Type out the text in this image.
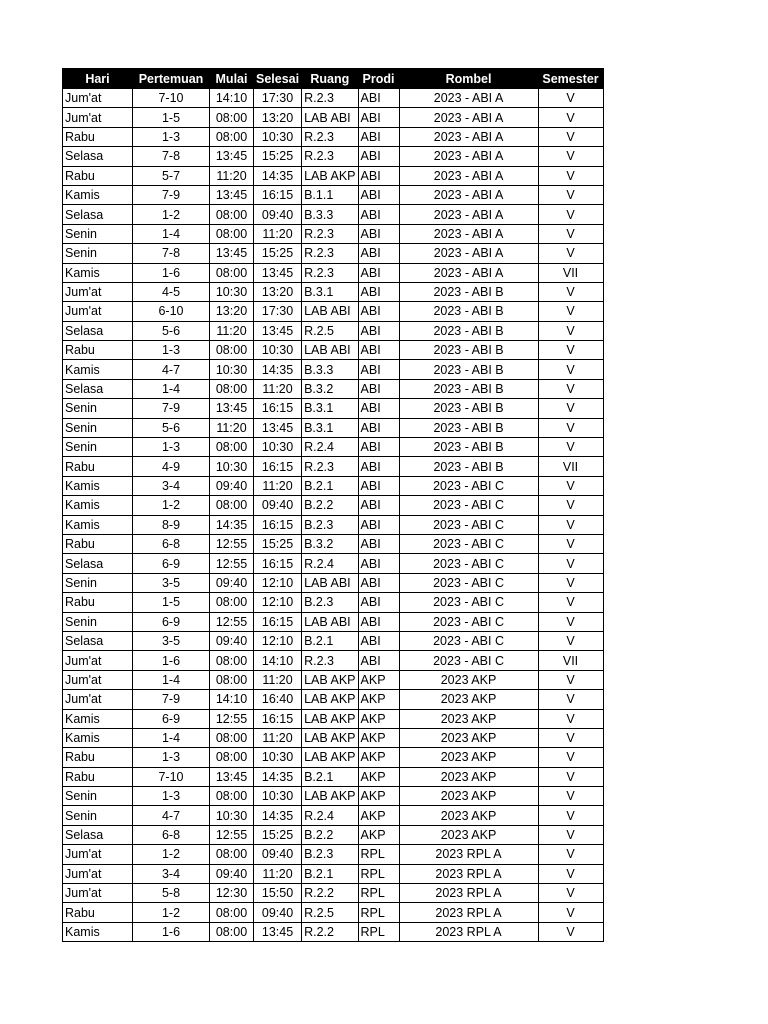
Hari	Pertemuan	Mulai	Selesai	Ruang	Prodi	Rombel	Semester
Jum'at	7-10	14:10	17:30	R.2.3	ABI	2023 - ABI A	V
Jum'at	1-5	08:00	13:20	LAB ABI	ABI	2023 - ABI A	V
Rabu	1-3	08:00	10:30	R.2.3	ABI	2023 - ABI A	V
Selasa	7-8	13:45	15:25	R.2.3	ABI	2023 - ABI A	V
Rabu	5-7	11:20	14:35	LAB AKP	ABI	2023 - ABI A	V
Kamis	7-9	13:45	16:15	B.1.1	ABI	2023 - ABI A	V
Selasa	1-2	08:00	09:40	B.3.3	ABI	2023 - ABI A	V
Senin	1-4	08:00	11:20	R.2.3	ABI	2023 - ABI A	V
Senin	7-8	13:45	15:25	R.2.3	ABI	2023 - ABI A	V
Kamis	1-6	08:00	13:45	R.2.3	ABI	2023 - ABI A	VII
Jum'at	4-5	10:30	13:20	B.3.1	ABI	2023 - ABI B	V
Jum'at	6-10	13:20	17:30	LAB ABI	ABI	2023 - ABI B	V
Selasa	5-6	11:20	13:45	R.2.5	ABI	2023 - ABI B	V
Rabu	1-3	08:00	10:30	LAB ABI	ABI	2023 - ABI B	V
Kamis	4-7	10:30	14:35	B.3.3	ABI	2023 - ABI B	V
Selasa	1-4	08:00	11:20	B.3.2	ABI	2023 - ABI B	V
Senin	7-9	13:45	16:15	B.3.1	ABI	2023 - ABI B	V
Senin	5-6	11:20	13:45	B.3.1	ABI	2023 - ABI B	V
Senin	1-3	08:00	10:30	R.2.4	ABI	2023 - ABI B	V
Rabu	4-9	10:30	16:15	R.2.3	ABI	2023 - ABI B	VII
Kamis	3-4	09:40	11:20	B.2.1	ABI	2023 - ABI C	V
Kamis	1-2	08:00	09:40	B.2.2	ABI	2023 - ABI C	V
Kamis	8-9	14:35	16:15	B.2.3	ABI	2023 - ABI C	V
Rabu	6-8	12:55	15:25	B.3.2	ABI	2023 - ABI C	V
Selasa	6-9	12:55	16:15	R.2.4	ABI	2023 - ABI C	V
Senin	3-5	09:40	12:10	LAB ABI	ABI	2023 - ABI C	V
Rabu	1-5	08:00	12:10	B.2.3	ABI	2023 - ABI C	V
Senin	6-9	12:55	16:15	LAB ABI	ABI	2023 - ABI C	V
Selasa	3-5	09:40	12:10	B.2.1	ABI	2023 - ABI C	V
Jum'at	1-6	08:00	14:10	R.2.3	ABI	2023 - ABI C	VII
Jum'at	1-4	08:00	11:20	LAB AKP	AKP	2023 AKP	V
Jum'at	7-9	14:10	16:40	LAB AKP	AKP	2023 AKP	V
Kamis	6-9	12:55	16:15	LAB AKP	AKP	2023 AKP	V
Kamis	1-4	08:00	11:20	LAB AKP	AKP	2023 AKP	V
Rabu	1-3	08:00	10:30	LAB AKP	AKP	2023 AKP	V
Rabu	7-10	13:45	14:35	B.2.1	AKP	2023 AKP	V
Senin	1-3	08:00	10:30	LAB AKP	AKP	2023 AKP	V
Senin	4-7	10:30	14:35	R.2.4	AKP	2023 AKP	V
Selasa	6-8	12:55	15:25	B.2.2	AKP	2023 AKP	V
Jum'at	1-2	08:00	09:40	B.2.3	RPL	2023 RPL A	V
Jum'at	3-4	09:40	11:20	B.2.1	RPL	2023 RPL A	V
Jum'at	5-8	12:30	15:50	R.2.2	RPL	2023 RPL A	V
Rabu	1-2	08:00	09:40	R.2.5	RPL	2023 RPL A	V
Kamis	1-6	08:00	13:45	R.2.2	RPL	2023 RPL A	V
